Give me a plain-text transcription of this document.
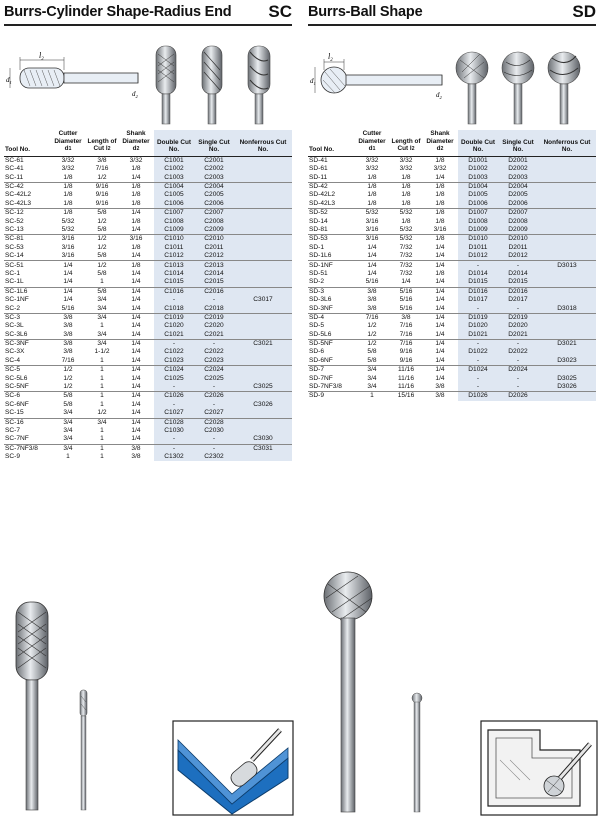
Burrs-Cylinder Shape-Radius End SC
$l_2$
$d_1$
$d_2$
Tool No.	Cutter Diameter d1	Length of Cut l2	Shank Diameter d2	Double Cut No.	Single Cut No.	Nonferrous Cut No.
SC-61	3/32	3/8	3/32	C1001	C2001	
SC-41	3/32	7/16	1/8	C1002	C2002	
SC-11	1/8	1/2	1/4	C1003	C2003	
SC-42	1/8	9/16	1/8	C1004	C2004	
SC-42L2	1/8	9/16	1/8	C1005	C2005	
SC-42L3	1/8	9/16	1/8	C1006	C2006	
SC-12	1/8	5/8	1/4	C1007	C2007	
SC-52	5/32	1/2	1/8	C1008	C2008	
SC-13	5/32	5/8	1/4	C1009	C2009	
SC-81	3/16	1/2	3/16	C1010	C2010	
SC-53	3/16	1/2	1/8	C1011	C2011	
SC-14	3/16	5/8	1/4	C1012	C2012	
SC-51	1/4	1/2	1/8	C1013	C2013	
SC-1	1/4	5/8	1/4	C1014	C2014	
SC-1L	1/4	1	1/4	C1015	C2015	
SC-1L6	1/4	5/8	1/4	C1016	C2016	
SC-1NF	1/4	3/4	1/4	-	-	C3017
SC-2	5/16	3/4	1/4	C1018	C2018	
SC-3	3/8	3/4	1/4	C1019	C2019	
SC-3L	3/8	1	1/4	C1020	C2020	
SC-3L6	3/8	3/4	1/4	C1021	C2021	
SC-3NF	3/8	3/4	1/4	-	-	C3021
SC-3X	3/8	1-1/2	1/4	C1022	C2022	
SC-4	7/16	1	1/4	C1023	C2023	
SC-5	1/2	1	1/4	C1024	C2024	
SC-5L6	1/2	1	1/4	C1025	C2025	
SC-5NF	1/2	1	1/4	-	-	C3025
SC-6	5/8	1	1/4	C1026	C2026	
SC-6NF	5/8	1	1/4	-	-	C3026
SC-15	3/4	1/2	1/4	C1027	C2027	
SC-16	3/4	3/4	1/4	C1028	C2028	
SC-7	3/4	1	1/4	C1030	C2030	
SC-7NF	3/4	1	1/4	-	-	C3030
SC-7NF3/8	3/4	1	3/8	-	-	C3031
SC-9	1	1	3/8	C1302	C2302	
Burrs-Ball Shape	SD
$l_2$
$d_1$
$d_2$
Tool No.	Cutter Diameter d1	Length of Cut l2	Shank Diameter d2	Double Cut No.	Single Cut No.	Nonferrous Cut No.
SD-41	3/32	3/32	1/8	D1001	D2001	
SD-61	3/32	3/32	3/32	D1002	D2002	
SD-11	1/8	1/8	1/4	D1003	D2003	
SD-42	1/8	1/8	1/8	D1004	D2004	
SD-42L2	1/8	1/8	1/8	D1005	D2005	
SD-42L3	1/8	1/8	1/8	D1006	D2006	
SD-52	5/32	5/32	1/8	D1007	D2007	
SD-14	3/16	1/8	1/8	D1008	D2008	
SD-81	3/16	5/32	3/16	D1009	D2009	
SD-53	3/16	5/32	1/8	D1010	D2010	
SD-1	1/4	7/32	1/4	D1011	D2011	
SD-1L6	1/4	7/32	1/4	D1012	D2012	
SD-1NF	1/4	7/32	1/4	-	-	D3013
SD-51	1/4	7/32	1/8	D1014	D2014	
SD-2	5/16	1/4	1/4	D1015	D2015	
SD-3	3/8	5/16	1/4	D1016	D2016	
SD-3L6	3/8	5/16	1/4	D1017	D2017	
SD-3NF	3/8	5/16	1/4	-	-	D3018
SD-4	7/16	3/8	1/4	D1019	D2019	
SD-5	1/2	7/16	1/4	D1020	D2020	
SD-5L6	1/2	7/16	1/4	D1021	D2021	
SD-5NF	1/2	7/16	1/4	-	-	D3021
SD-6	5/8	9/16	1/4	D1022	D2022	
SD-6NF	5/8	9/16	1/4	-	-	D3023
SD-7	3/4	11/16	1/4	D1024	D2024	
SD-7NF	3/4	11/16	1/4	-	-	D3025
SD-7NF3/8	3/4	11/16	3/8	-	-	D3026
SD-9	1	15/16	3/8	D1026	D2026	
